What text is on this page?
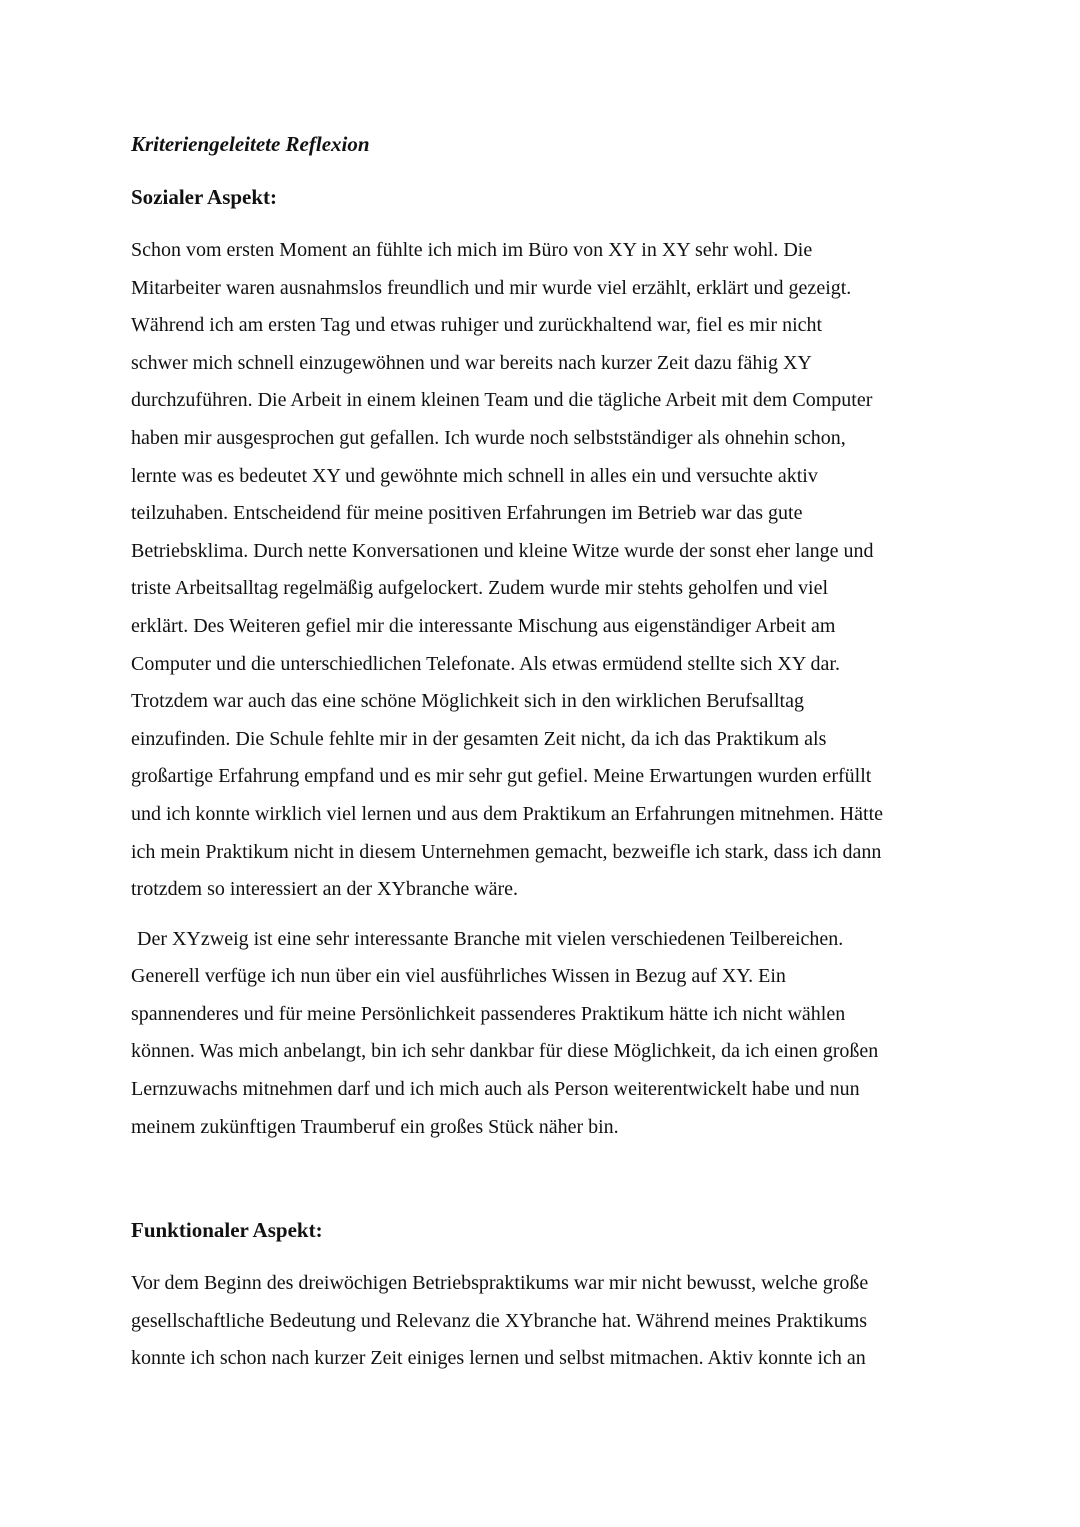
Kriteriengeleitete Reflexion
Sozialer Aspekt:
Schon vom ersten Moment an fühlte ich mich im Büro von XY in XY sehr wohl. Die
Mitarbeiter waren ausnahmslos freundlich und mir wurde viel erzählt, erklärt und gezeigt.
Während ich am ersten Tag und etwas ruhiger und zurückhaltend war, fiel es mir nicht
schwer mich schnell einzugewöhnen und war bereits nach kurzer Zeit dazu fähig XY
durchzuführen. Die Arbeit in einem kleinen Team und die tägliche Arbeit mit dem Computer
haben mir ausgesprochen gut gefallen. Ich wurde noch selbstständiger als ohnehin schon,
lernte was es bedeutet XY und gewöhnte mich schnell in alles ein und versuchte aktiv
teilzuhaben. Entscheidend für meine positiven Erfahrungen im Betrieb war das gute
Betriebsklima. Durch nette Konversationen und kleine Witze wurde der sonst eher lange und
triste Arbeitsalltag regelmäßig aufgelockert. Zudem wurde mir stehts geholfen und viel
erklärt. Des Weiteren gefiel mir die interessante Mischung aus eigenständiger Arbeit am
Computer und die unterschiedlichen Telefonate. Als etwas ermüdend stellte sich XY dar.
Trotzdem war auch das eine schöne Möglichkeit sich in den wirklichen Berufsalltag
einzufinden. Die Schule fehlte mir in der gesamten Zeit nicht, da ich das Praktikum als
großartige Erfahrung empfand und es mir sehr gut gefiel. Meine Erwartungen wurden erfüllt
und ich konnte wirklich viel lernen und aus dem Praktikum an Erfahrungen mitnehmen. Hätte
ich mein Praktikum nicht in diesem Unternehmen gemacht, bezweifle ich stark, dass ich dann
trotzdem so interessiert an der XYbranche wäre.
Der XYzweig ist eine sehr interessante Branche mit vielen verschiedenen Teilbereichen.
Generell verfüge ich nun über ein viel ausführliches Wissen in Bezug auf XY. Ein
spannenderes und für meine Persönlichkeit passenderes Praktikum hätte ich nicht wählen
können. Was mich anbelangt, bin ich sehr dankbar für diese Möglichkeit, da ich einen großen
Lernzuwachs mitnehmen darf und ich mich auch als Person weiterentwickelt habe und nun
meinem zukünftigen Traumberuf ein großes Stück näher bin.
Funktionaler Aspekt:
Vor dem Beginn des dreiwöchigen Betriebspraktikums war mir nicht bewusst, welche große
gesellschaftliche Bedeutung und Relevanz die XYbranche hat. Während meines Praktikums
konnte ich schon nach kurzer Zeit einiges lernen und selbst mitmachen. Aktiv konnte ich an
